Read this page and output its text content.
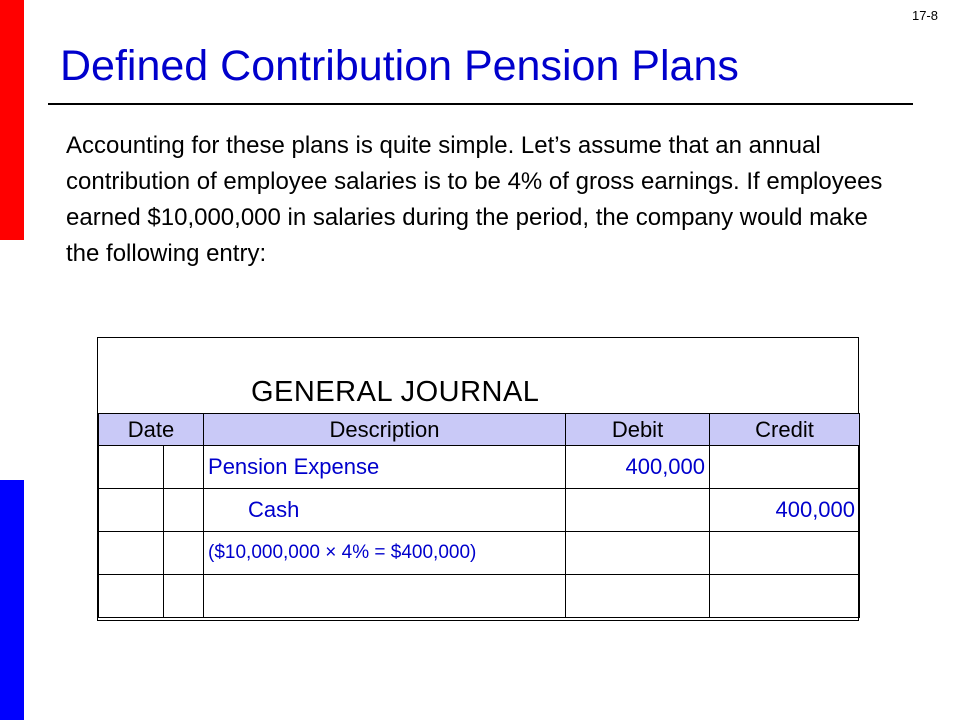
17-8
Defined Contribution Pension Plans

Accounting for these plans is quite simple. Let’s assume that an annual contribution of employee salaries is to be 4% of gross earnings. If employees earned $10,000,000 in salaries during the period, the company would make the following entry:

GENERAL JOURNAL
Date		Description	Debit	Credit
		Pension Expense	400,000	
		Cash		400,000
		($10,000,000 × 4% = $400,000)		
